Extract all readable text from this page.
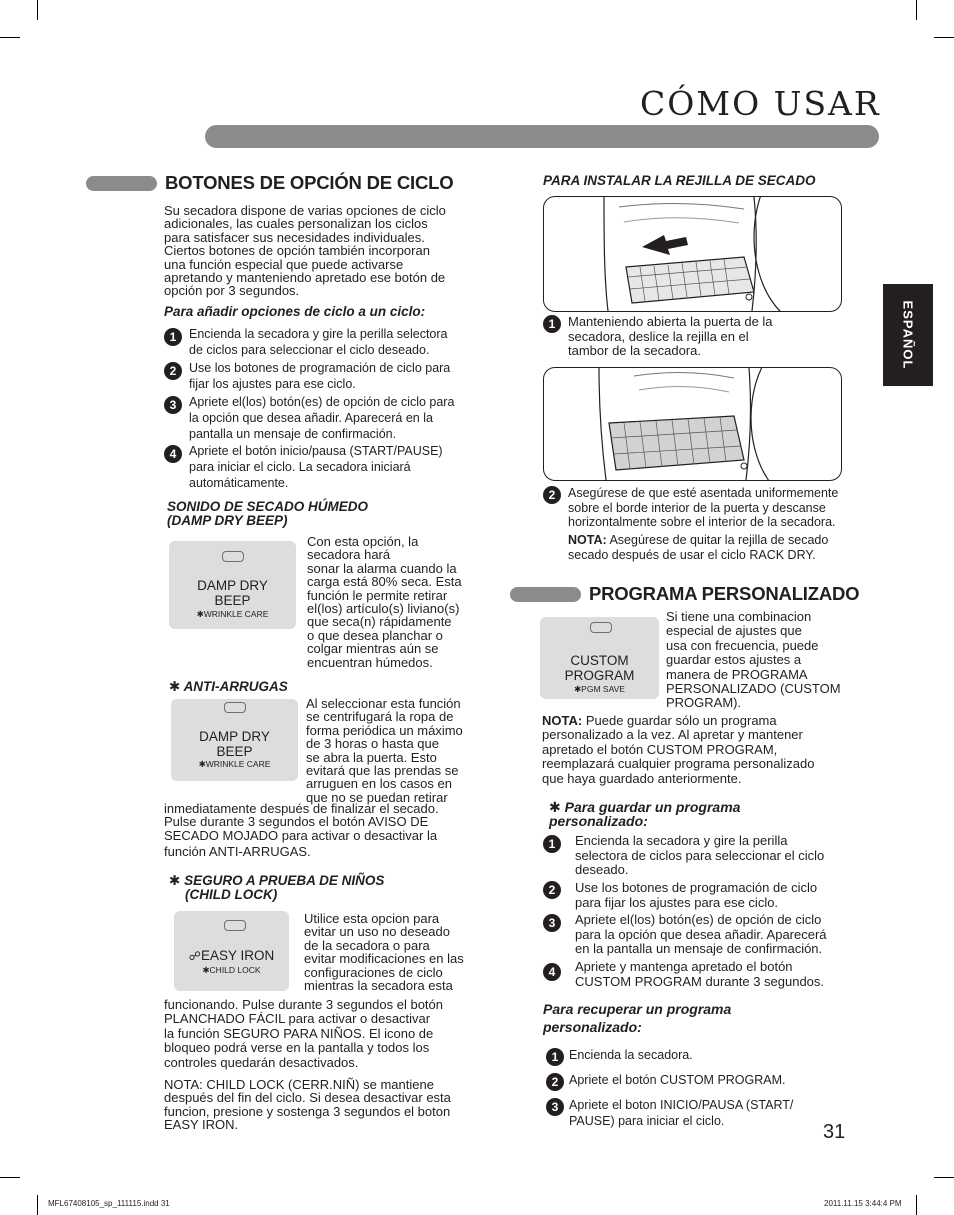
CÓMO USAR
ESPAÑOL
BOTONES DE OPCIÓN DE CICLO
Su secadora dispone de varias opciones de ciclo
adicionales, las cuales personalizan los ciclos
para satisfacer sus necesidades individuales.
Ciertos botones de opción también incorporan
una función especial que puede activarse
apretando y manteniendo apretado ese botón de
opción por 3 segundos.
Para añadir opciones de ciclo a un ciclo:
1	Encienda la secadora y gire la perilla selectora
de ciclos para seleccionar el ciclo deseado.
2	Use los botones de programación de ciclo para
fijar los ajustes para ese ciclo.
3	Apriete el(los) botón(es) de opción de ciclo para
la opción que desea añadir. Aparecerá en la
pantalla un mensaje de confirmación.
4	Apriete el botón inicio/pausa (START/PAUSE)
para iniciar el ciclo. La secadora iniciará
automáticamente.
SONIDO DE SECADO HÚMEDO
(DAMP DRY BEEP)
DAMP DRY
BEEP
✱WRINKLE CARE
Con esta opción, la
secadora hará
sonar la alarma cuando la
carga está 80% seca. Esta
función le permite retirar
el(los) artículo(s) liviano(s)
que seca(n) rápidamente
o que desea planchar o
colgar mientras aún se
encuentran húmedos.
✱ ANTI-ARRUGAS
DAMP DRY
BEEP
✱WRINKLE CARE
Al seleccionar esta función
se centrifugará la ropa de
forma periódica un máximo
de 3 horas o hasta que
se abra la puerta. Esto
evitará que las prendas se
arruguen en los casos en
que no se puedan retirar
inmediatamente después de finalizar el secado.
Pulse durante 3 segundos el botón AVISO DE
SECADO MOJADO para activar o desactivar la
función ANTI-ARRUGAS.
✱ SEGURO A PRUEBA DE NIÑOS
(CHILD LOCK)
☍EASY IRON
✱CHILD LOCK
Utilice esta opcion para
evitar un uso no deseado
de la secadora o para
evitar modificaciones en las
configuraciones de ciclo
mientras la secadora esta
funcionando. Pulse durante 3 segundos el botón
PLANCHADO FÁCIL para activar o desactivar
la función SEGURO PARA NIÑOS. El icono de
bloqueo podrá verse en la pantalla y todos los
controles quedarán desactivados.
NOTA: CHILD LOCK (CERR.NIÑ) se mantiene
después del fin del ciclo. Si desea desactivar esta
funcion, presione y sostenga 3 segundos el boton
EASY IRON.
PARA INSTALAR LA REJILLA DE SECADO
1 Manteniendo abierta la puerta de la
secadora, deslice la rejilla en el
tambor de la secadora.
2	Asegúrese de que esté asentada uniformemente
sobre el borde interior de la puerta y descanse
horizontalmente sobre el interior de la secadora.
NOTA: Asegúrese de quitar la rejilla de secado
secado después de usar el ciclo RACK DRY.
PROGRAMA PERSONALIZADO
CUSTOM
PROGRAM
✱PGM SAVE
Si tiene una combinacion
especial de ajustes que
usa con frecuencia, puede
guardar estos ajustes a
manera de PROGRAMA
PERSONALIZADO (CUSTOM
PROGRAM).
NOTA: Puede guardar sólo un programa
personalizado a la vez. Al apretar y mantener
apretado el botón CUSTOM PROGRAM,
reemplazará cualquier programa personalizado
que haya guardado anteriormente.
✱ Para guardar un programa
personalizado:
1	Encienda la secadora y gire la perilla
selectora de ciclos para seleccionar el ciclo
deseado.
2	Use los botones de programación de ciclo
para fijar los ajustes para ese ciclo.
3	Apriete el(los) botón(es) de opción de ciclo
para la opción que desea añadir. Aparecerá
en la pantalla un mensaje de confirmación.
4	Apriete y mantenga apretado el botón
CUSTOM PROGRAM durante 3 segundos.
Para recuperar un programa
personalizado:
1 Encienda la secadora.
2 Apriete el botón CUSTOM PROGRAM.
3 Apriete el boton INICIO/PAUSA (START/
PAUSE) para iniciar el ciclo.	31
MFL67408105_sp_111115.indd 31	2011.11.15 3:44:4 PM
